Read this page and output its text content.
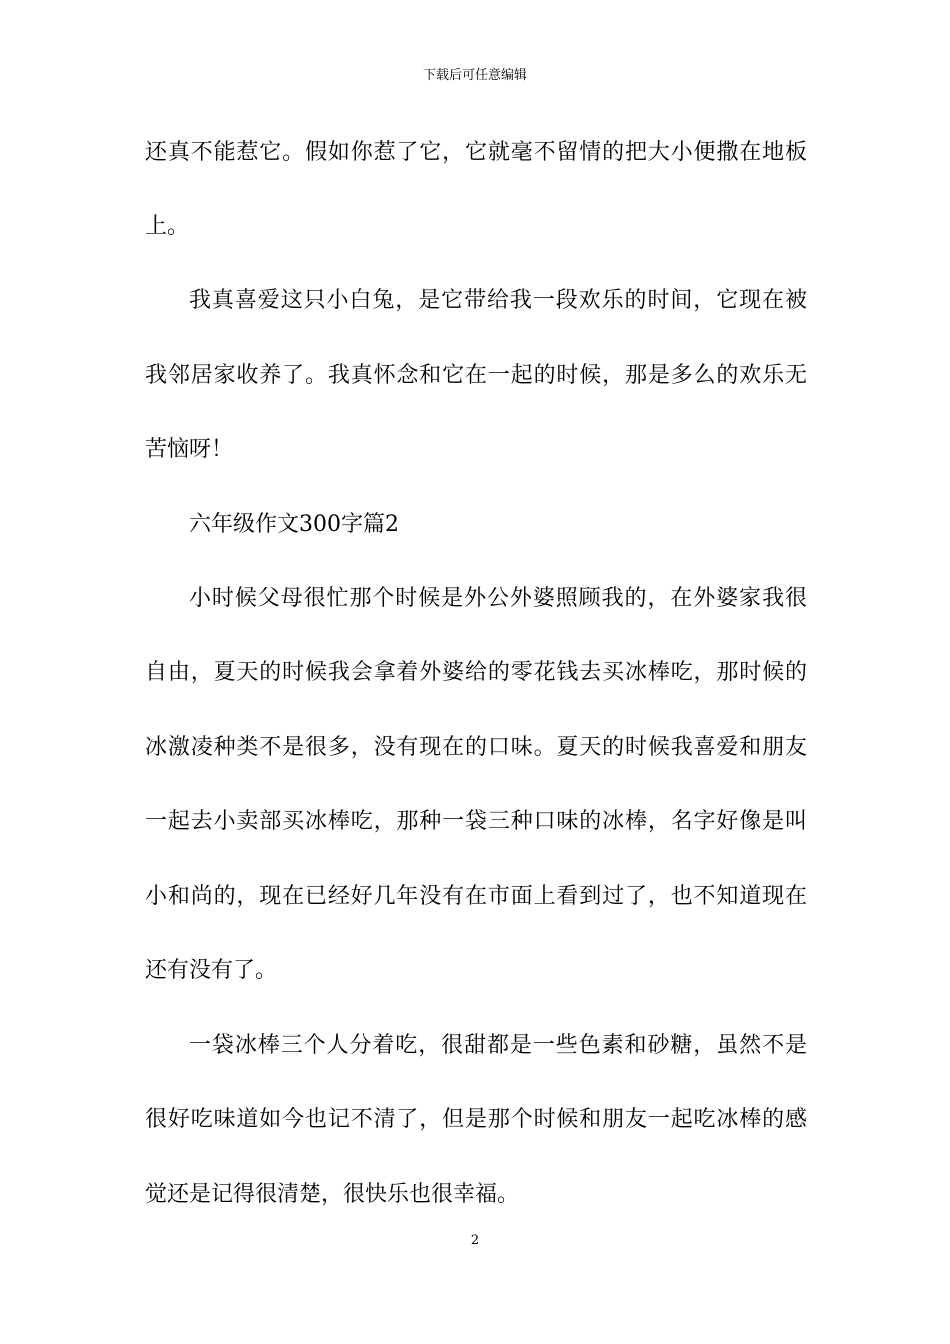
下载后可任意编辑
还真不能惹它。假如你惹了它，它就毫不留情的把大小便撒在地板
上。
我真喜爱这只小白兔，是它带给我一段欢乐的时间，它现在被
我邻居家收养了。我真怀念和它在一起的时候，那是多么的欢乐无
苦恼呀！
六年级作文300字篇2
小时候父母很忙那个时候是外公外婆照顾我的，在外婆家我很
自由，夏天的时候我会拿着外婆给的零花钱去买冰棒吃，那时候的
冰激凌种类不是很多，没有现在的口味。夏天的时候我喜爱和朋友
一起去小卖部买冰棒吃，那种一袋三种口味的冰棒，名字好像是叫
小和尚的，现在已经好几年没有在市面上看到过了，也不知道现在
还有没有了。
一袋冰棒三个人分着吃，很甜都是一些色素和砂糖，虽然不是
很好吃味道如今也记不清了，但是那个时候和朋友一起吃冰棒的感
觉还是记得很清楚，很快乐也很幸福。
2
